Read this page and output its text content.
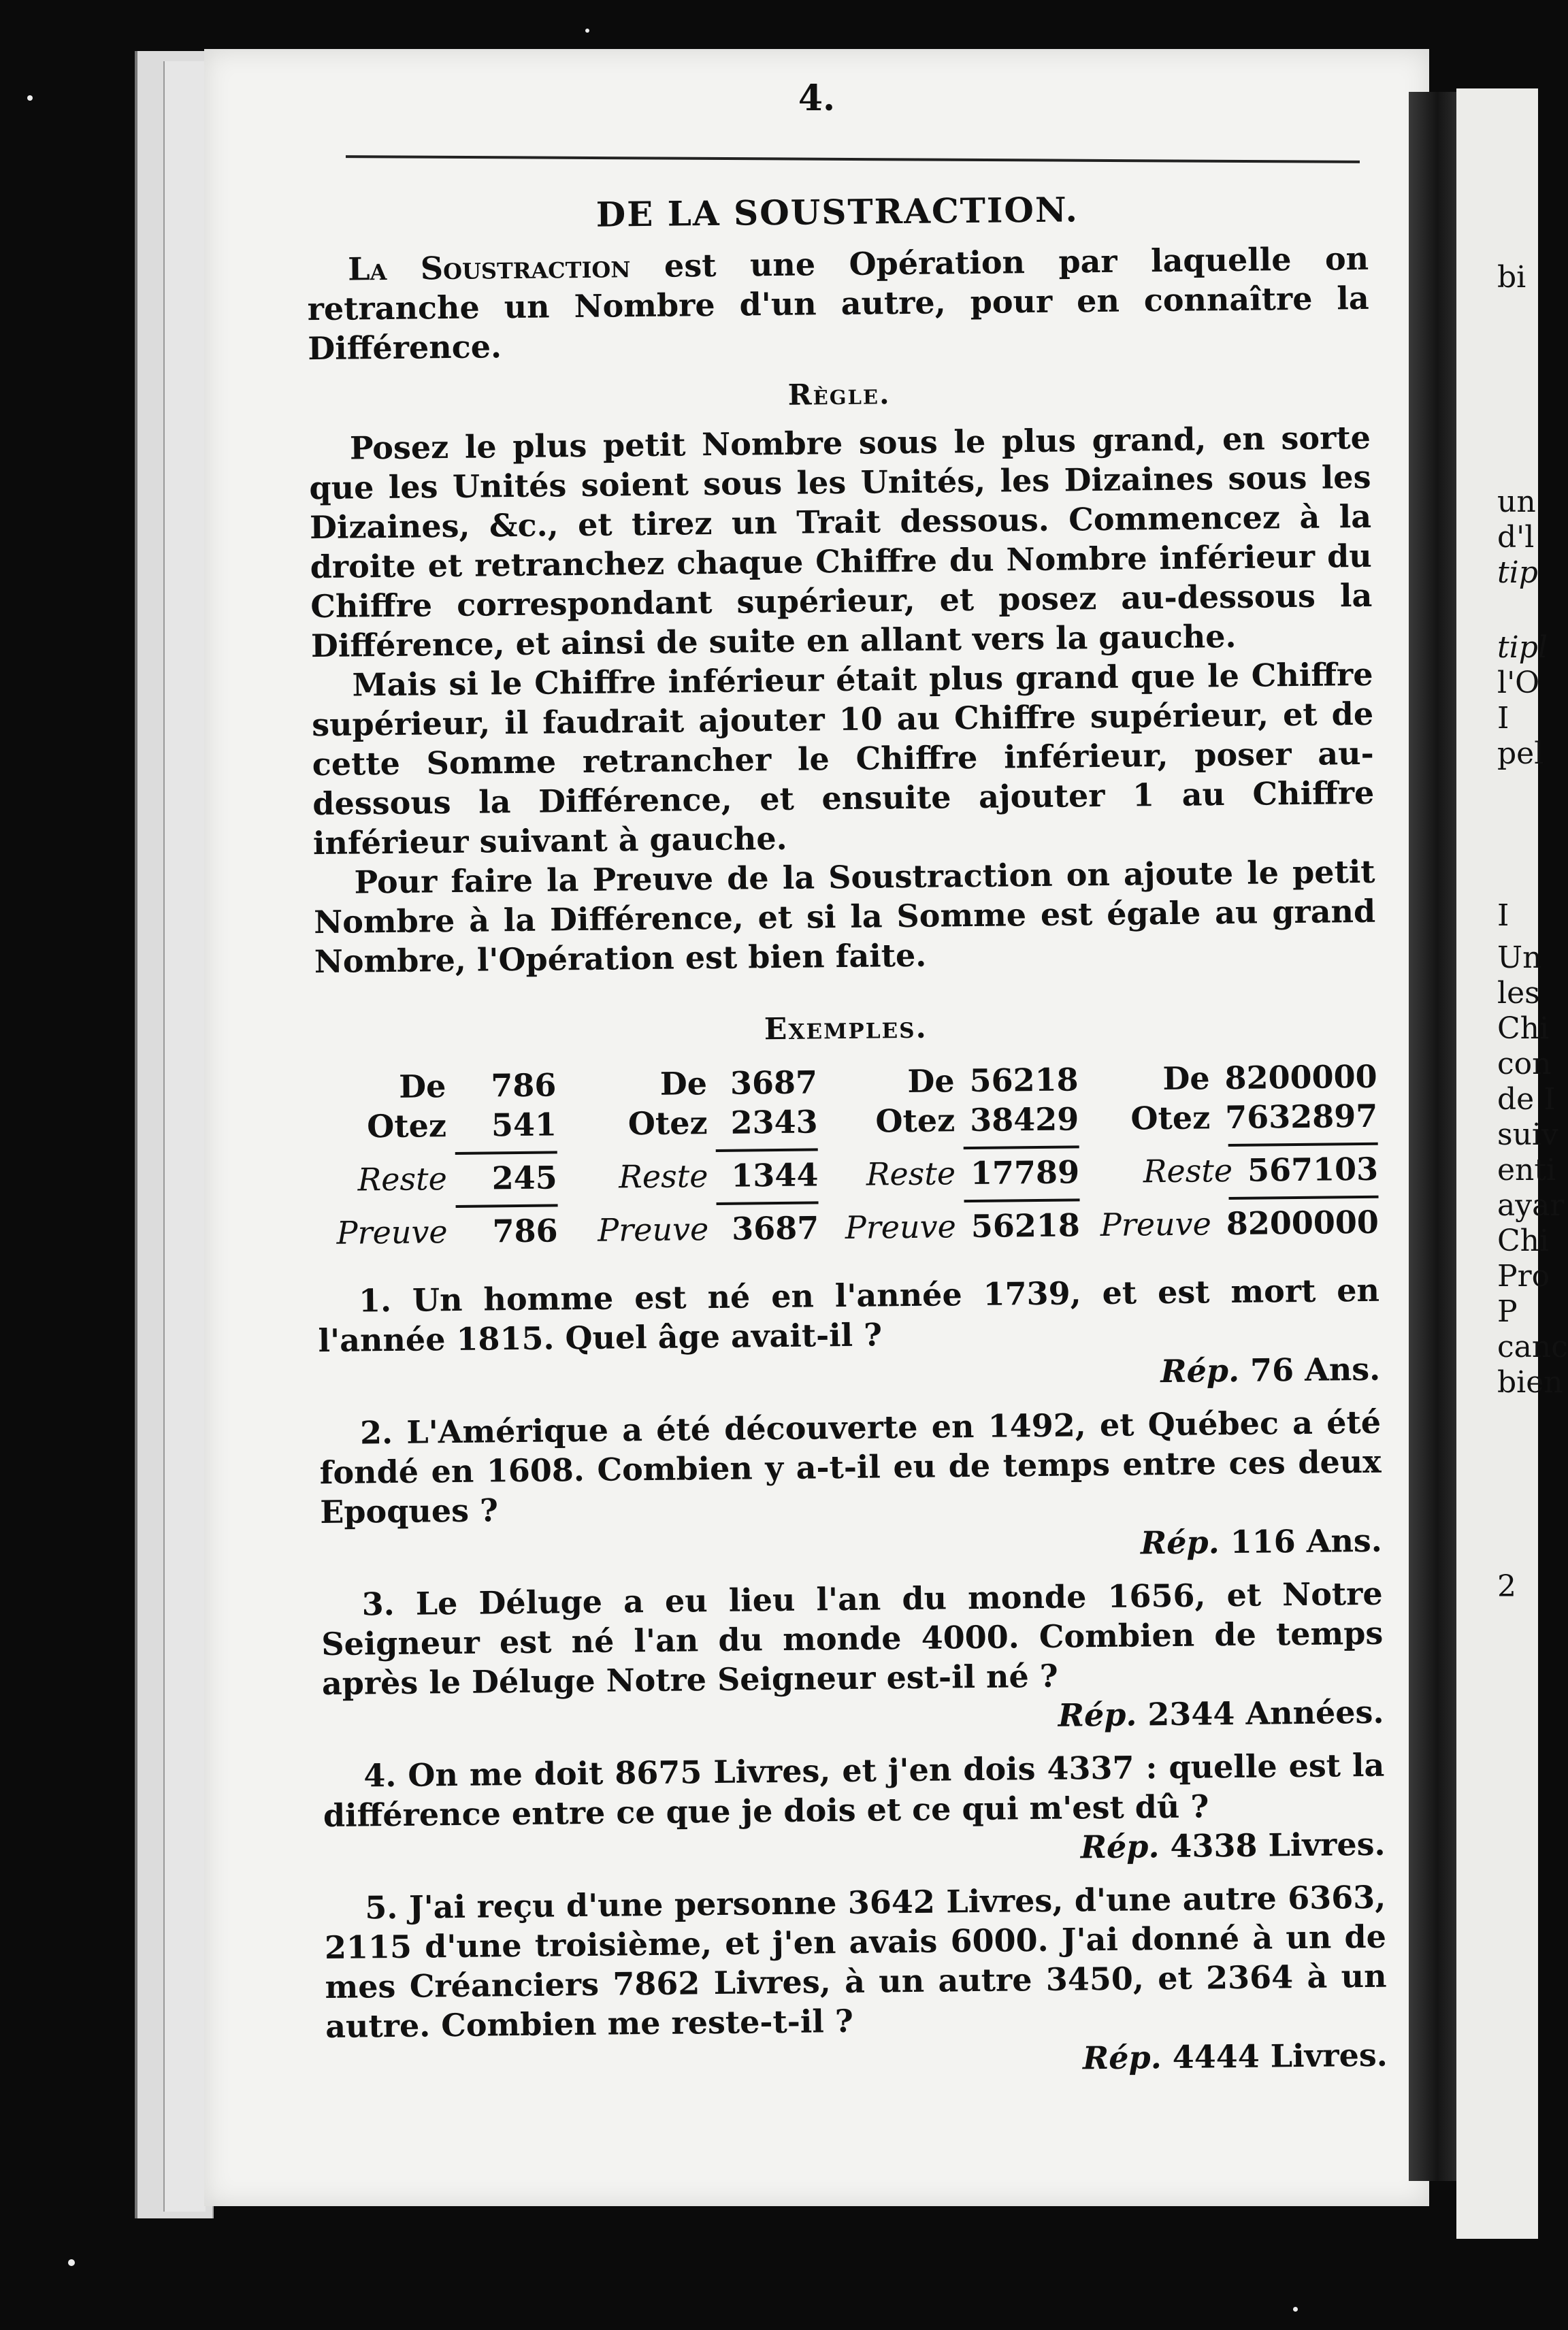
4.
DE LA SOUSTRACTION.

La Soustraction est une Opération par laquelle on retranche un Nombre d'un autre, pour en connaître la Différence.

Règle.

Posez le plus petit Nombre sous le plus grand, en sorte que les Unités soient sous les Unités, les Dizaines sous les Dizaines, &c., et tirez un Trait dessous. Commencez à la droite et retranchez chaque Chiffre du Nombre inférieur du Chiffre correspondant supérieur, et posez au-dessous la Différence, et ainsi de suite en allant vers la gauche.

Mais si le Chiffre inférieur était plus grand que le Chiffre supérieur, il faudrait ajouter 10 au Chiffre supérieur, et de cette Somme retrancher le Chiffre inférieur, poser au-dessous la Différence, et ensuite ajouter 1 au Chiffre inférieur suivant à gauche.

Pour faire la Preuve de la Soustraction on ajoute le petit Nombre à la Différence, et si la Somme est égale au grand Nombre, l'Opération est bien faite.

Exemples.
De	786
Otez	541
Reste	245
Preuve	786
De 3687
Otez 2343
Reste 1344
Preuve 3687
De 56218
Otez 38429
Reste 17789
Preuve 56218
De 8200000
Otez 7632897
Reste 567103
Preuve 8200000

1. Un homme est né en l'année 1739, et est mort en l'année 1815. Quel âge avait-il ?

Rép. 76 Ans.

2. L'Amérique a été découverte en 1492, et Québec a été fondé en 1608. Combien y a-t-il eu de temps entre ces deux Epoques ?

Rép. 116 Ans.

3. Le Déluge a eu lieu l'an du monde 1656, et Notre Seigneur est né l'an du monde 4000. Combien de temps après le Déluge Notre Seigneur est-il né ?

Rép. 2344 Années.

4. On me doit 8675 Livres, et j'en dois 4337 : quelle est la différence entre ce que je dois et ce qui m'est dû ?

Rép. 4338 Livres.

5. J'ai reçu d'une personne 3642 Livres, d'une autre 6363, 2115 d'une troisième, et j'en avais 6000. J'ai donné à un de mes Créanciers 7862 Livres, à un autre 3450, et 2364 à un autre. Combien me reste-t-il ?

Rép. 4444 Livres.
bi
un
d'l
tip
tipl
l'O
I
pel
I
Un
les
Chi
con
de I
suiv
enti
ayar
Chi
Pro
P
canc
bien
2
